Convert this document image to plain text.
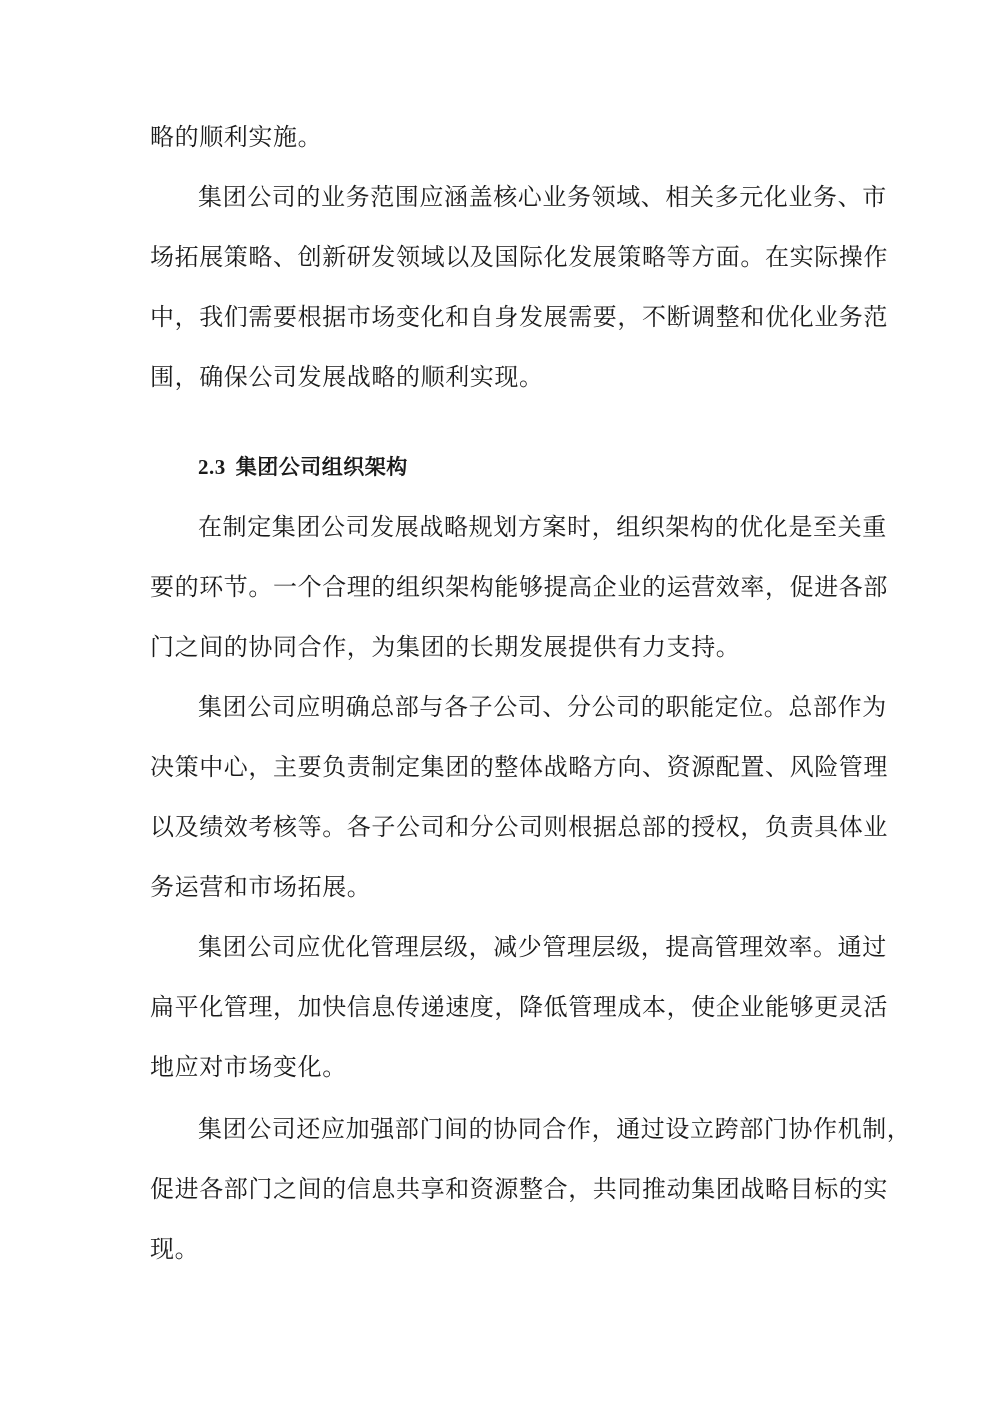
略的顺利实施。
集团公司的业务范围应涵盖核心业务领域、相关多元化业务、市
场拓展策略、创新研发领域以及国际化发展策略等方面。在实际操作
中，我们需要根据市场变化和自身发展需要，不断调整和优化业务范
围，确保公司发展战略的顺利实现。
2.3 集团公司组织架构
在制定集团公司发展战略规划方案时，组织架构的优化是至关重
要的环节。一个合理的组织架构能够提高企业的运营效率，促进各部
门之间的协同合作，为集团的长期发展提供有力支持。
集团公司应明确总部与各子公司、分公司的职能定位。总部作为
决策中心，主要负责制定集团的整体战略方向、资源配置、风险管理
以及绩效考核等。各子公司和分公司则根据总部的授权，负责具体业
务运营和市场拓展。
集团公司应优化管理层级，减少管理层级，提高管理效率。通过
扁平化管理，加快信息传递速度，降低管理成本，使企业能够更灵活
地应对市场变化。
集团公司还应加强部门间的协同合作，通过设立跨部门协作机制，
促进各部门之间的信息共享和资源整合，共同推动集团战略目标的实
现。
